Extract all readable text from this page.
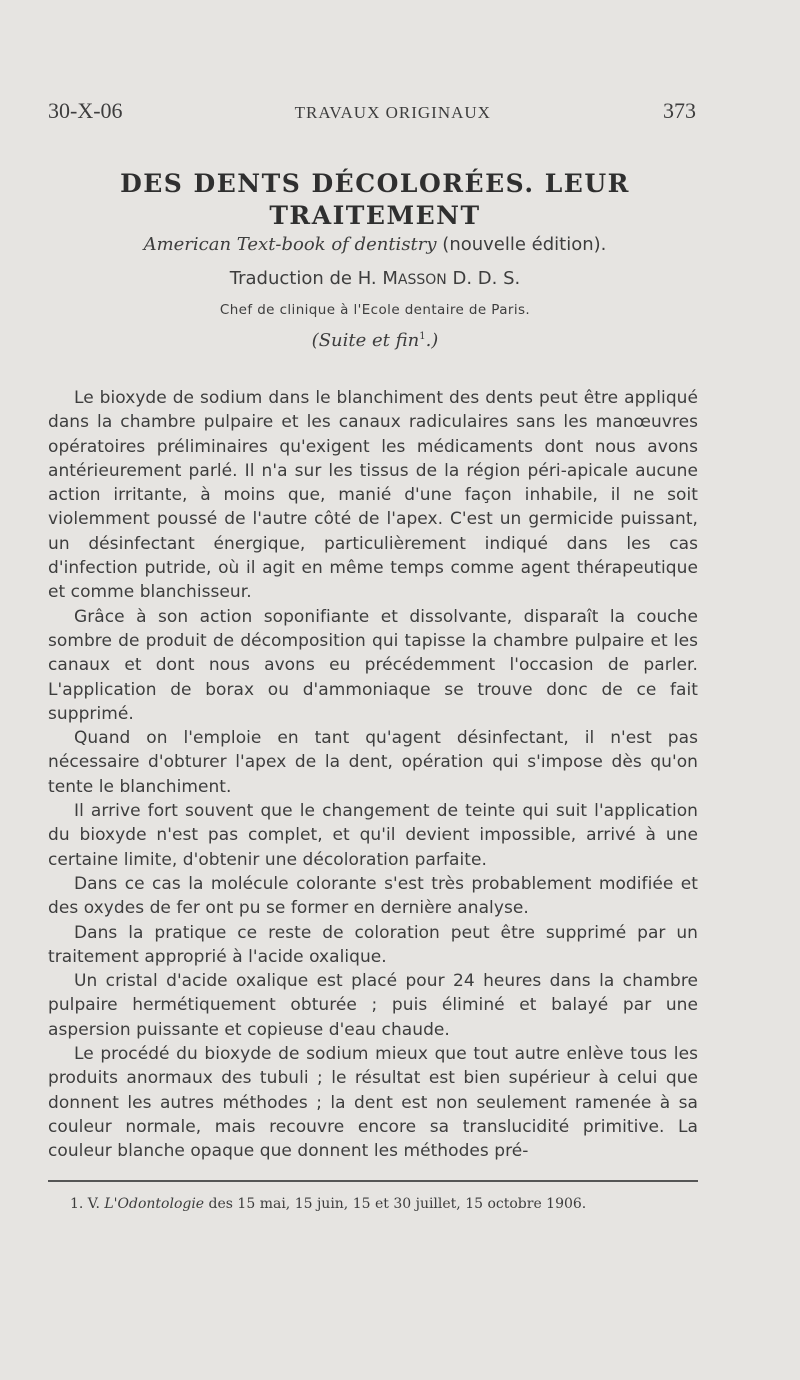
30-X-06	TRAVAUX ORIGINAUX	373
DES DENTS DÉCOLORÉES. LEUR TRAITEMENT
American Text-book of dentistry (nouvelle édition).
Traduction de H. MASSON D. D. S.
Chef de clinique à l'Ecole dentaire de Paris.
(Suite et fin$^1$.)

Le bioxyde de sodium dans le blanchiment des dents peut être appliqué dans la chambre pulpaire et les canaux radiculaires sans les manœuvres opératoires préliminaires qu'exigent les médicaments dont nous avons antérieurement parlé. Il n'a sur les tissus de la région péri-apicale aucune action irritante, à moins que, manié d'une façon inhabile, il ne soit violemment poussé de l'autre côté de l'apex. C'est un germicide puissant, un désinfectant énergique, particulièrement indiqué dans les cas d'infection putride, où il agit en même temps comme agent thérapeutique et comme blanchisseur.

Grâce à son action soponifiante et dissolvante, disparaît la couche sombre de produit de décomposition qui tapisse la chambre pulpaire et les canaux et dont nous avons eu précédemment l'occasion de parler. L'application de borax ou d'ammoniaque se trouve donc de ce fait supprimé.

Quand on l'emploie en tant qu'agent désinfectant, il n'est pas nécessaire d'obturer l'apex de la dent, opération qui s'impose dès qu'on tente le blanchiment.

Il arrive fort souvent que le changement de teinte qui suit l'application du bioxyde n'est pas complet, et qu'il devient impossible, arrivé à une certaine limite, d'obtenir une décoloration parfaite.

Dans ce cas la molécule colorante s'est très probablement modifiée et des oxydes de fer ont pu se former en dernière analyse.

Dans la pratique ce reste de coloration peut être supprimé par un traitement approprié à l'acide oxalique.

Un cristal d'acide oxalique est placé pour 24 heures dans la chambre pulpaire hermétiquement obturée ; puis éliminé et balayé par une aspersion puissante et copieuse d'eau chaude.

Le procédé du bioxyde de sodium mieux que tout autre enlève tous les produits anormaux des tubuli ; le résultat est bien supérieur à celui que donnent les autres méthodes ; la dent est non seulement ramenée à sa couleur normale, mais recouvre encore sa translucidité primitive. La couleur blanche opaque que donnent les méthodes pré-

1. V. L'Odontologie des 15 mai, 15 juin, 15 et 30 juillet, 15 octobre 1906.
